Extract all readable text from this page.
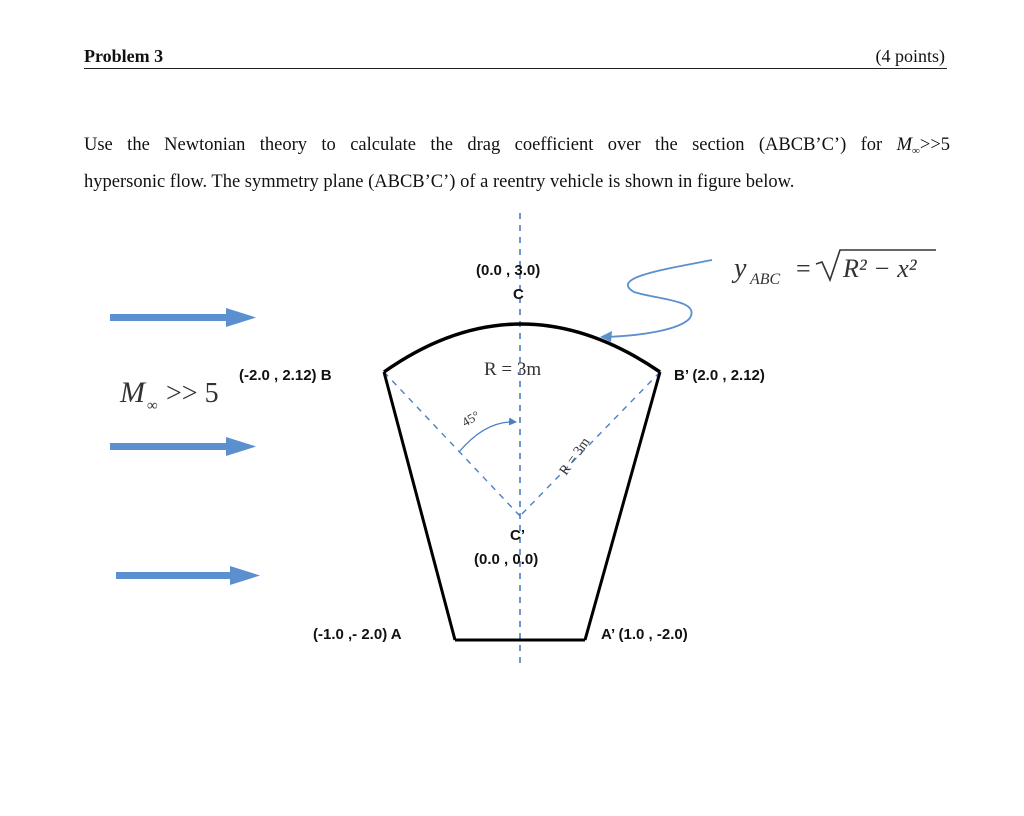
Problem 3	(4 points)
Use the Newtonian theory to calculate the drag coefficient over the section (ABCB’C’) for $M_\infty>>5$
hypersonic flow. The symmetry plane (ABCB’C’) of a reentry vehicle is shown in figure below.
(0.0 , 3.0)
C
(-2.0 , 2.12) B	B’ (2.0 , 2.12)
C’
(0.0 , 0.0)
(-1.0 ,- 2.0) A	A’ (1.0 , -2.0)
R = 3m
R = 3m
45°
M ∞ >> 5
y ABC = R² − x²
